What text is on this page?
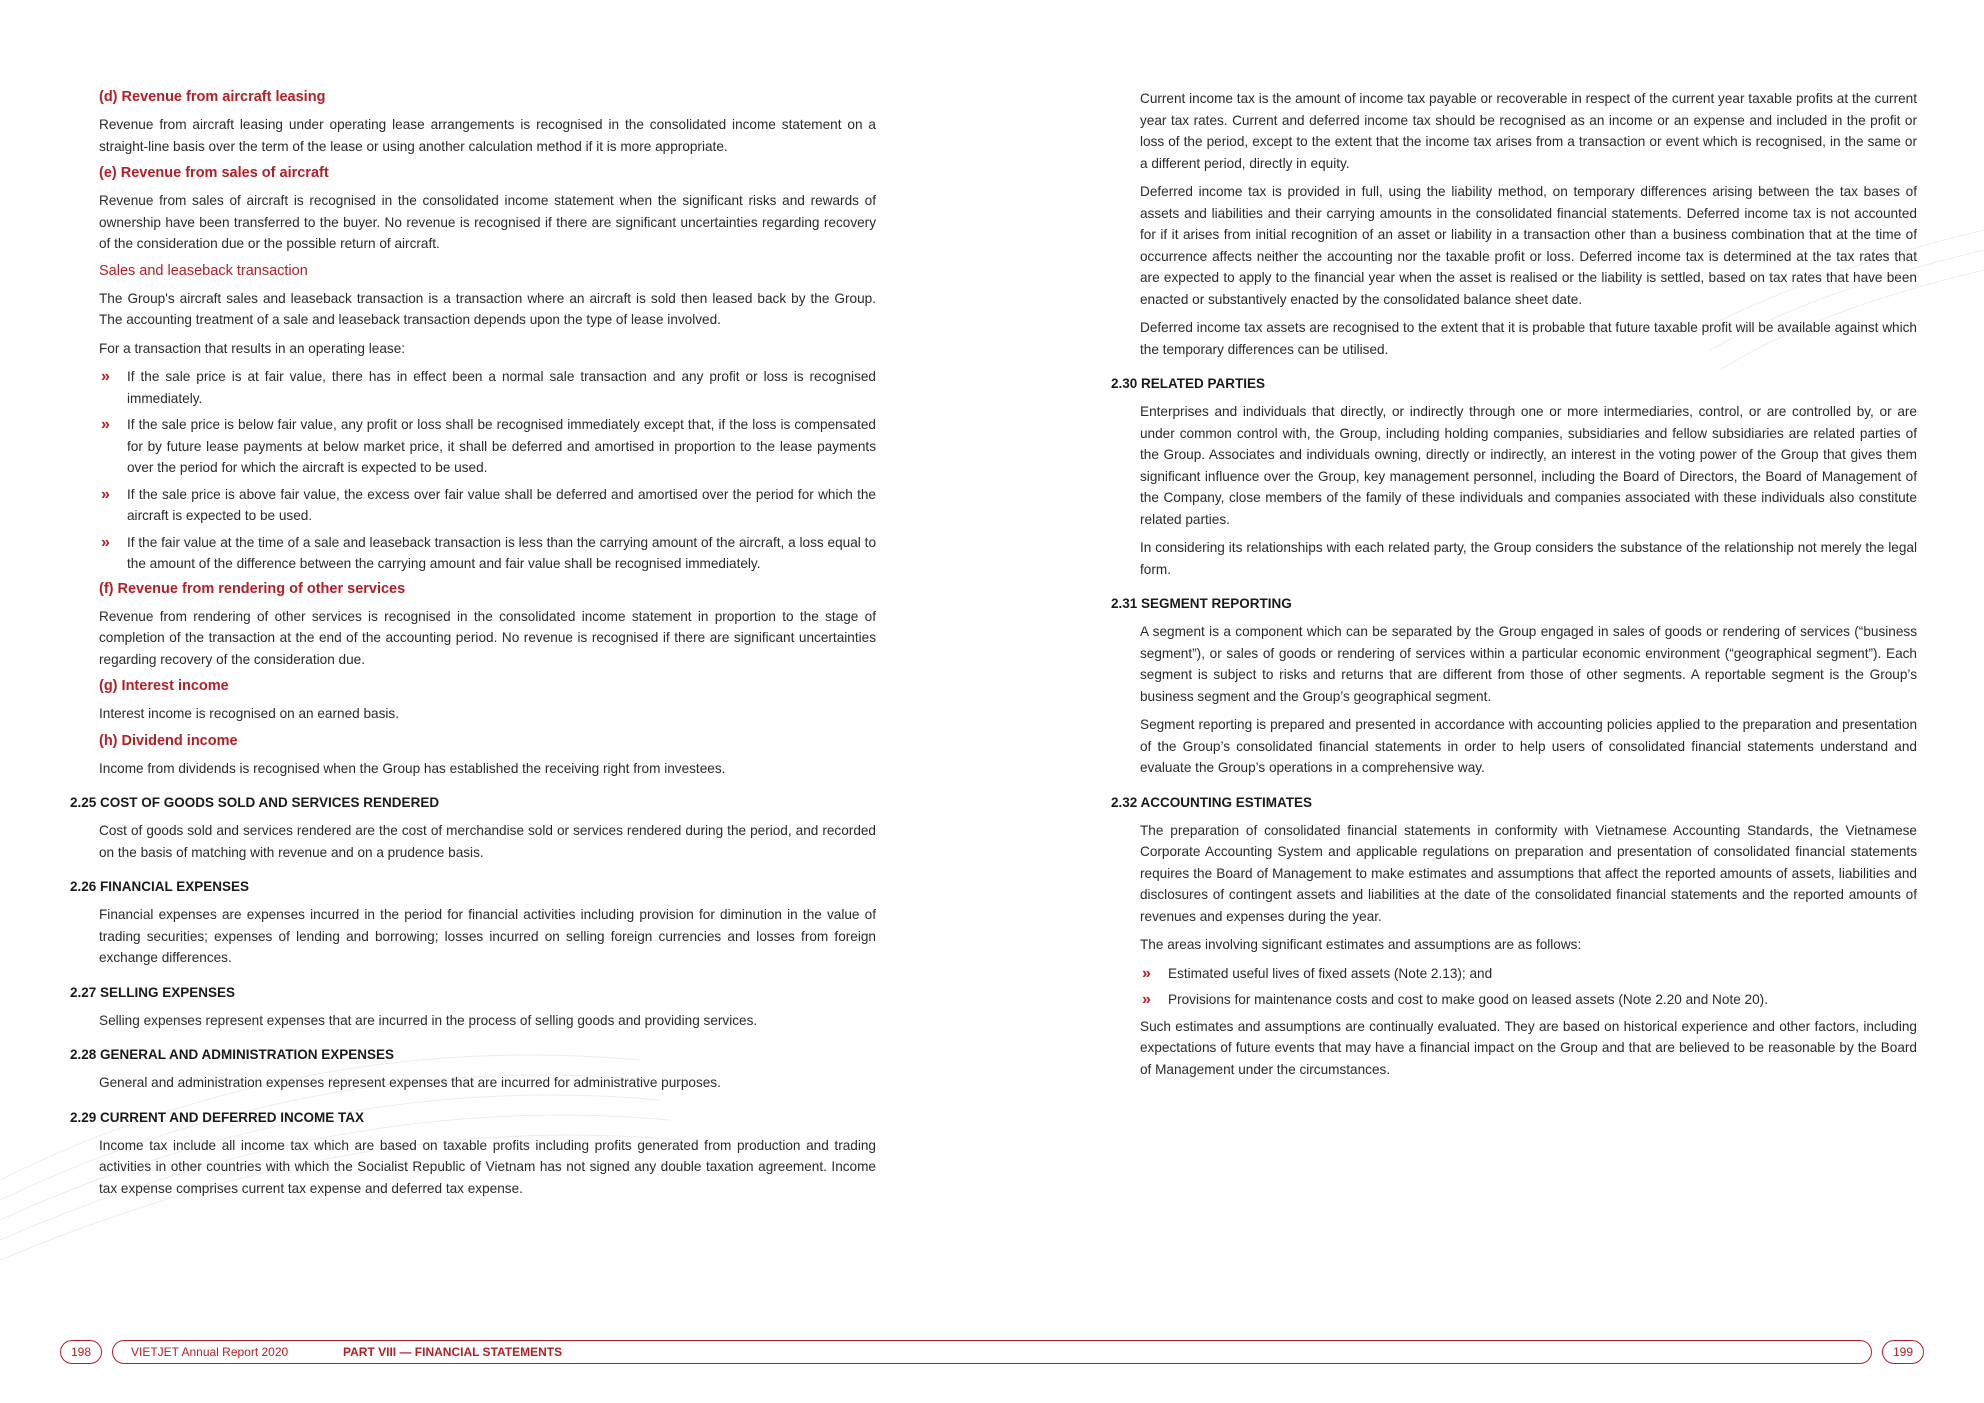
(d) Revenue from aircraft leasing

Revenue from aircraft leasing under operating lease arrangements is recognised in the consolidated income statement on a straight-line basis over the term of the lease or using another calculation method if it is more appropriate.

(e) Revenue from sales of aircraft

Revenue from sales of aircraft is recognised in the consolidated income statement when the significant risks and rewards of ownership have been transferred to the buyer. No revenue is recognised if there are significant uncertainties regarding recovery of the consideration due or the possible return of aircraft.

Sales and leaseback transaction

The Group's aircraft sales and leaseback transaction is a transaction where an aircraft is sold then leased back by the Group. The accounting treatment of a sale and leaseback transaction depends upon the type of lease involved.

For a transaction that results in an operating lease:

» If the sale price is at fair value, there has in effect been a normal sale transaction and any profit or loss is recognised immediately.
» If the sale price is below fair value, any profit or loss shall be recognised immediately except that, if the loss is compensated for by future lease payments at below market price, it shall be deferred and amortised in proportion to the lease payments over the period for which the aircraft is expected to be used.
» If the sale price is above fair value, the excess over fair value shall be deferred and amortised over the period for which the aircraft is expected to be used.
» If the fair value at the time of a sale and leaseback transaction is less than the carrying amount of the aircraft, a loss equal to the amount of the difference between the carrying amount and fair value shall be recognised immediately.
(f) Revenue from rendering of other services

Revenue from rendering of other services is recognised in the consolidated income statement in proportion to the stage of completion of the transaction at the end of the accounting period. No revenue is recognised if there are significant uncertainties regarding recovery of the consideration due.

(g) Interest income

Interest income is recognised on an earned basis.

(h) Dividend income

Income from dividends is recognised when the Group has established the receiving right from investees.

2.25 COST OF GOODS SOLD AND SERVICES RENDERED

Cost of goods sold and services rendered are the cost of merchandise sold or services rendered during the period, and recorded on the basis of matching with revenue and on a prudence basis.

2.26 FINANCIAL EXPENSES

Financial expenses are expenses incurred in the period for financial activities including provision for diminution in the value of trading securities; expenses of lending and borrowing; losses incurred on selling foreign currencies and losses from foreign exchange differences.

2.27 SELLING EXPENSES

Selling expenses represent expenses that are incurred in the process of selling goods and providing services.

2.28 GENERAL AND ADMINISTRATION EXPENSES

General and administration expenses represent expenses that are incurred for administrative purposes.

2.29 CURRENT AND DEFERRED INCOME TAX

Income tax include all income tax which are based on taxable profits including profits generated from production and trading activities in other countries with which the Socialist Republic of Vietnam has not signed any double taxation agreement. Income tax expense comprises current tax expense and deferred tax expense.

Current income tax is the amount of income tax payable or recoverable in respect of the current year taxable profits at the current year tax rates. Current and deferred income tax should be recognised as an income or an expense and included in the profit or loss of the period, except to the extent that the income tax arises from a transaction or event which is recognised, in the same or a different period, directly in equity.

Deferred income tax is provided in full, using the liability method, on temporary differences arising between the tax bases of assets and liabilities and their carrying amounts in the consolidated financial statements. Deferred income tax is not accounted for if it arises from initial recognition of an asset or liability in a transaction other than a business combination that at the time of occurrence affects neither the accounting nor the taxable profit or loss. Deferred income tax is determined at the tax rates that are expected to apply to the financial year when the asset is realised or the liability is settled, based on tax rates that have been enacted or substantively enacted by the consolidated balance sheet date.

Deferred income tax assets are recognised to the extent that it is probable that future taxable profit will be available against which the temporary differences can be utilised.

2.30 RELATED PARTIES

Enterprises and individuals that directly, or indirectly through one or more intermediaries, control, or are controlled by, or are under common control with, the Group, including holding companies, subsidiaries and fellow subsidiaries are related parties of the Group. Associates and individuals owning, directly or indirectly, an interest in the voting power of the Group that gives them significant influence over the Group, key management personnel, including the Board of Directors, the Board of Management of the Company, close members of the family of these individuals and companies associated with these individuals also constitute related parties.

In considering its relationships with each related party, the Group considers the substance of the relationship not merely the legal form.

2.31 SEGMENT REPORTING

A segment is a component which can be separated by the Group engaged in sales of goods or rendering of services (“business segment”), or sales of goods or rendering of services within a particular economic environment (“geographical segment”). Each segment is subject to risks and returns that are different from those of other segments. A reportable segment is the Group’s business segment and the Group’s geographical segment.

Segment reporting is prepared and presented in accordance with accounting policies applied to the preparation and presentation of the Group’s consolidated financial statements in order to help users of consolidated financial statements understand and evaluate the Group’s operations in a comprehensive way.

2.32 ACCOUNTING ESTIMATES

The preparation of consolidated financial statements in conformity with Vietnamese Accounting Standards, the Vietnamese Corporate Accounting System and applicable regulations on preparation and presentation of consolidated financial statements requires the Board of Management to make estimates and assumptions that affect the reported amounts of assets, liabilities and disclosures of contingent assets and liabilities at the date of the consolidated financial statements and the reported amounts of revenues and expenses during the year.

The areas involving significant estimates and assumptions are as follows:

» Estimated useful lives of fixed assets (Note 2.13); and
» Provisions for maintenance costs and cost to make good on leased assets (Note 2.20 and Note 20).

Such estimates and assumptions are continually evaluated. They are based on historical experience and other factors, including expectations of future events that may have a financial impact on the Group and that are believed to be reasonable by the Board of Management under the circumstances.

198	VIETJET Annual Report 2020	PART VIII — FINANCIAL STATEMENTS	199
